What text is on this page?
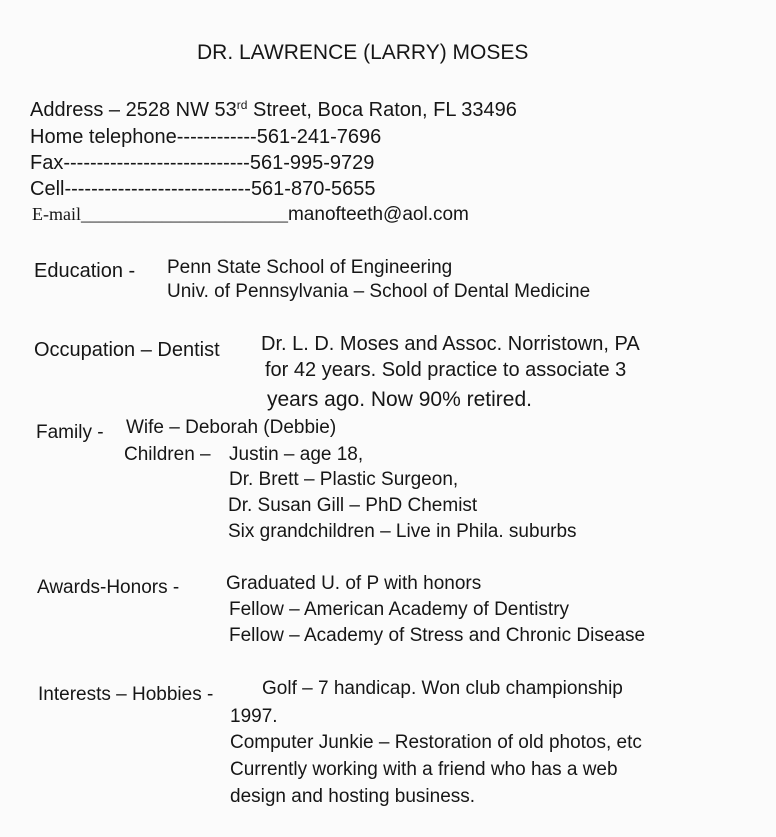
DR. LAWRENCE (LARRY) MOSES
Address – 2528 NW 53rd Street, Boca Raton, FL 33496
Home telephone------------561-241-7696
Fax----------------------------561-995-9729
Cell----------------------------561-870-5655
E-mail_______________________manofteeth@aol.com
Education - Penn State School of Engineering
Univ. of Pennsylvania – School of Dental Medicine
Occupation – Dentist Dr. L. D. Moses and Assoc. Norristown, PA
for 42 years. Sold practice to associate 3
years ago. Now 90% retired.
Family - Wife – Deborah (Debbie)
Children – Justin – age 18,
Dr. Brett – Plastic Surgeon,
Dr. Susan Gill – PhD Chemist
Six grandchildren – Live in Phila. suburbs
Awards-Honors - Graduated U. of P with honors
Fellow – American Academy of Dentistry
Fellow – Academy of Stress and Chronic Disease
Interests – Hobbies -	Golf – 7 handicap. Won club championship
1997.
Computer Junkie – Restoration of old photos, etc
Currently working with a friend who has a web
design and hosting business.
